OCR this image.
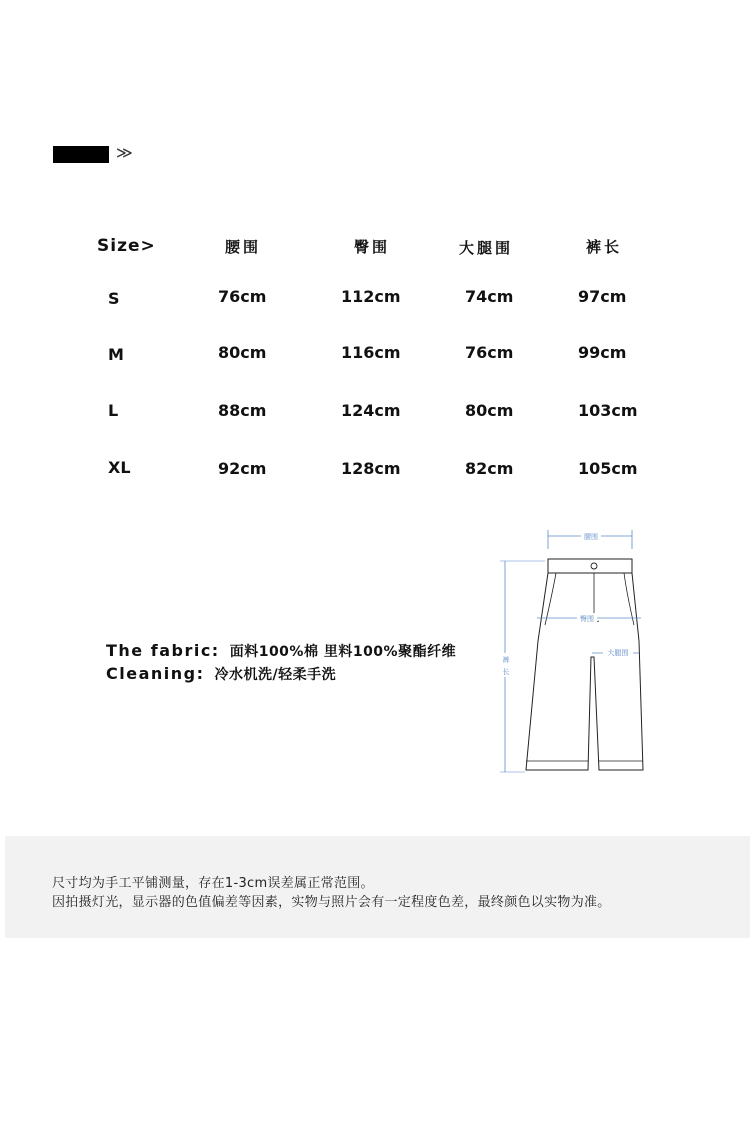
≫
Size>	腰围	臀围	大腿围	裤长
S	76cm	112cm	74cm	97cm
M	80cm	116cm	76cm	99cm
L	88cm	124cm	80cm	103cm
XL	92cm	128cm	82cm	105cm
The fabric: 面料100%棉 里料100%聚酯纤维
Cleaning: 冷水机洗/轻柔手洗
腰围
裤
长
臀围
大腿围
尺寸均为手工平铺测量，存在1-3cm误差属正常范围。
因拍摄灯光，显示器的色值偏差等因素，实物与照片会有一定程度色差，最终颜色以实物为准。
